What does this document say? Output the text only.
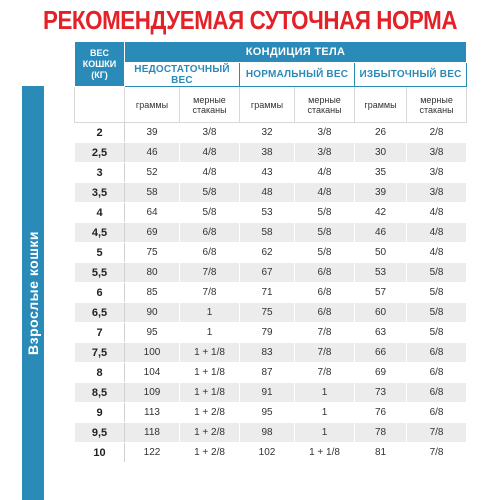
РЕКОМЕНДУЕМАЯ СУТОЧНАЯ НОРМА
Взрослые кошки
ВЕС КОШКИ (КГ)	КОНДИЦИЯ ТЕЛА					
	НЕДОСТАТОЧНЫЙ ВЕС		НОРМАЛЬНЫЙ ВЕС		ИЗБЫТОЧНЫЙ ВЕС	
	граммы	мерные стаканы	граммы	мерные стаканы	граммы	мерные стаканы
2	39	3/8	32	3/8	26	2/8
2,5	46	4/8	38	3/8	30	3/8
3	52	4/8	43	4/8	35	3/8
3,5	58	5/8	48	4/8	39	3/8
4	64	5/8	53	5/8	42	4/8
4,5	69	6/8	58	5/8	46	4/8
5	75	6/8	62	5/8	50	4/8
5,5	80	7/8	67	6/8	53	5/8
6	85	7/8	71	6/8	57	5/8
6,5	90	1	75	6/8	60	5/8
7	95	1	79	7/8	63	5/8
7,5	100	1 + 1/8	83	7/8	66	6/8
8	104	1 + 1/8	87	7/8	69	6/8
8,5	109	1 + 1/8	91	1	73	6/8
9	113	1 + 2/8	95	1	76	6/8
9,5	118	1 + 2/8	98	1	78	7/8
10	122	1 + 2/8	102	1 + 1/8	81	7/8
